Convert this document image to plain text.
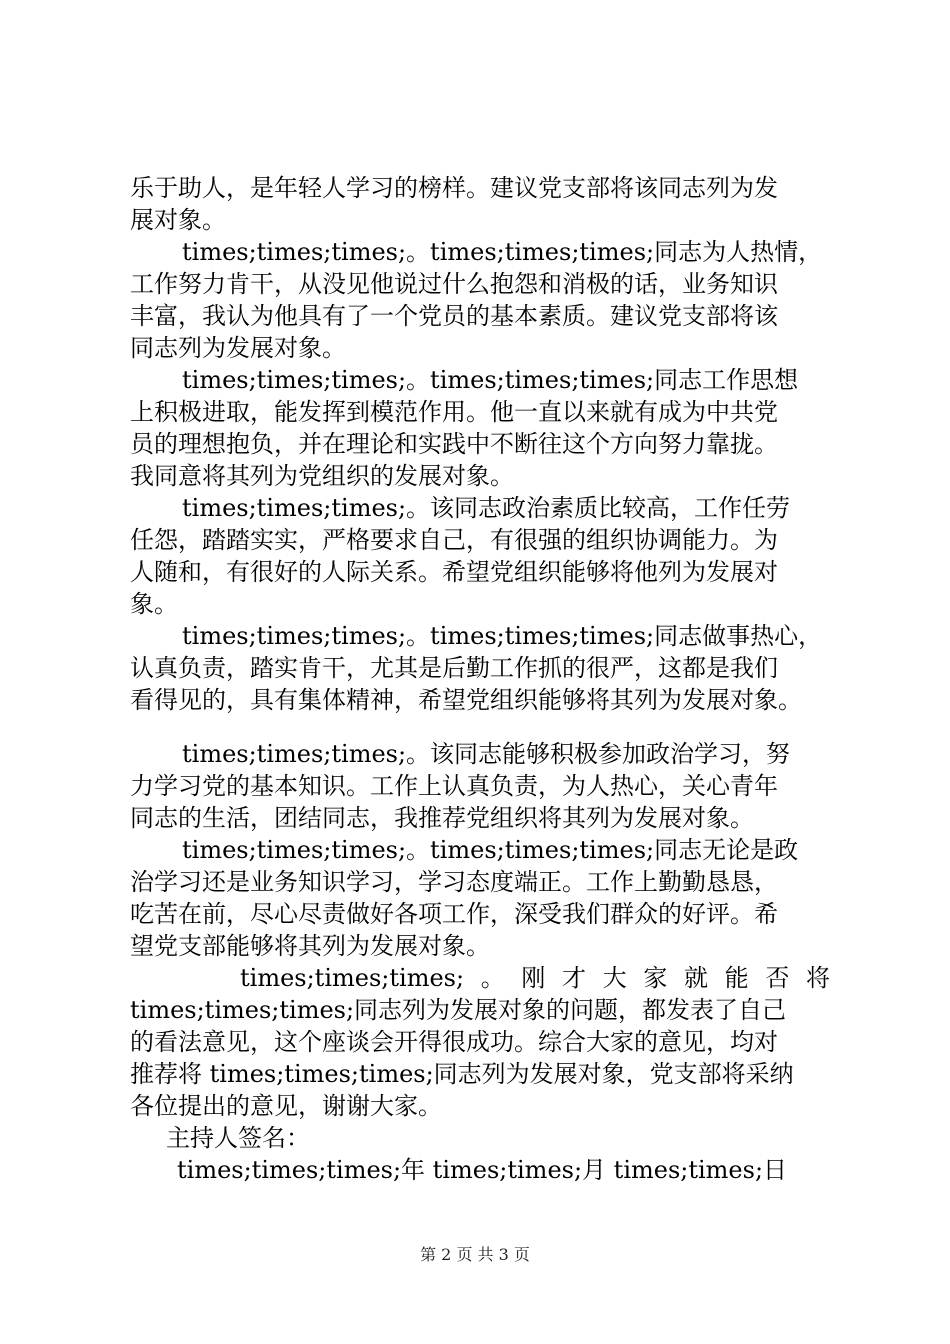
乐于助人，是年轻人学习的榜样。建议党支部将该同志列为发
展对象。
times;times;times;。times;times;times;同志为人热情，
工作努力肯干，从没见他说过什么抱怨和消极的话，业务知识
丰富，我认为他具有了一个党员的基本素质。建议党支部将该
同志列为发展对象。
times;times;times;。times;times;times;同志工作思想
上积极进取，能发挥到模范作用。他一直以来就有成为中共党
员的理想抱负，并在理论和实践中不断往这个方向努力靠拢。
我同意将其列为党组织的发展对象。
times;times;times;。该同志政治素质比较高，工作任劳
任怨，踏踏实实，严格要求自己，有很强的组织协调能力。为
人随和，有很好的人际关系。希望党组织能够将他列为发展对
象。
times;times;times;。times;times;times;同志做事热心，
认真负责，踏实肯干，尤其是后勤工作抓的很严，这都是我们
看得见的，具有集体精神，希望党组织能够将其列为发展对象。
times;times;times;。该同志能够积极参加政治学习，努
力学习党的基本知识。工作上认真负责，为人热心，关心青年
同志的生活，团结同志，我推荐党组织将其列为发展对象。
times;times;times;。times;times;times;同志无论是政
治学习还是业务知识学习，学习态度端正。工作上勤勤恳恳，
吃苦在前，尽心尽责做好各项工作，深受我们群众的好评。希
望党支部能够将其列为发展对象。
times;times;times; 。 刚 才 大 家 就 能 否 将
times;times;times;同志列为发展对象的问题，都发表了自己
的看法意见，这个座谈会开得很成功。综合大家的意见，均对
推荐将 times;times;times;同志列为发展对象，党支部将采纳
各位提出的意见，谢谢大家。
主持人签名：
times;times;times;年 times;times;月 times;times;日
第 2 页 共 3 页
